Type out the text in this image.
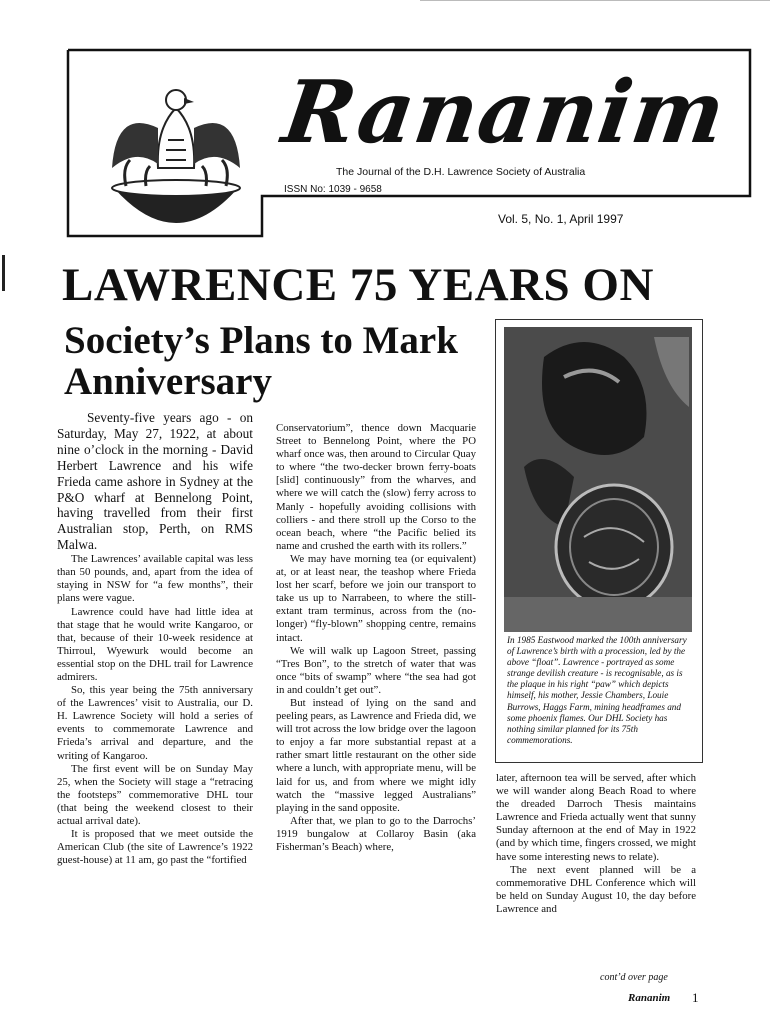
Rananim
The Journal of the D.H. Lawrence Society of Australia
ISSN No: 1039 - 9658
Vol. 5, No. 1, April 1997
LAWRENCE 75 YEARS ON
Society’s Plans to Mark Anniversary

Seventy-five years ago - on Saturday, May 27, 1922, at about nine o’clock in the morning - David Herbert Lawrence and his wife Frieda came ashore in Sydney at the P&O wharf at Bennelong Point, having travelled from their first Australian stop, Perth, on RMS Malwa.

The Lawrences’ available capital was less than 50 pounds, and, apart from the idea of staying in NSW for “a few months”, their plans were vague.

Lawrence could have had little idea at that stage that he would write Kangaroo, or that, because of their 10-week residence at Thirroul, Wyewurk would become an essential stop on the DHL trail for Lawrence admirers.

So, this year being the 75th anniversary of the Lawrences’ visit to Australia, our D. H. Lawrence Society will hold a series of events to commemorate Lawrence and Frieda’s arrival and departure, and the writing of Kangaroo.

The first event will be on Sunday May 25, when the Society will stage a “retracing the footsteps” commemorative DHL tour (that being the weekend closest to their actual arrival date).

It is proposed that we meet outside the American Club (the site of Lawrence’s 1922 guest-house) at 11 am, go past the “fortified

Conservatorium”, thence down Macquarie Street to Bennelong Point, where the PO wharf once was, then around to Circular Quay to where “the two-decker brown ferry-boats [slid] continuously” from the wharves, and where we will catch the (slow) ferry across to Manly - hopefully avoiding collisions with colliers - and there stroll up the Corso to the ocean beach, where “the Pacific belied its name and crushed the earth with its rollers.”

We may have morning tea (or equivalent) at, or at least near, the teashop where Frieda lost her scarf, before we join our transport to take us up to Narrabeen, to where the still-extant tram terminus, across from the (no-longer) “fly-blown” shopping centre, remains intact.

We will walk up Lagoon Street, passing “Tres Bon”, to the stretch of water that was once “bits of swamp” where “the sea had got in and couldn’t get out”.

But instead of lying on the sand and peeling pears, as Lawrence and Frieda did, we will trot across the low bridge over the lagoon to enjoy a far more substantial repast at a rather smart little restaurant on the other side where a lunch, with appropriate menu, will be laid for us, and from where we might idly watch the “massive legged Australians” playing in the sand opposite.

After that, we plan to go to the Darrochs’ 1919 bungalow at Collaroy Basin (aka Fisherman’s Beach) where,

In 1985 Eastwood marked the 100th anniversary of Lawrence’s birth with a procession, led by the above “float”. Lawrence - portrayed as some strange devilish creature - is recognisable, as is the plaque in his right “paw” which depicts himself, his mother, Jessie Chambers, Louie Burrows, Haggs Farm, mining headframes and some phoenix flames. Our DHL Society has nothing similar planned for its 75th commemorations.

later, afternoon tea will be served, after which we will wander along Beach Road to where the dreaded Darroch Thesis maintains Lawrence and Frieda actually went that sunny Sunday afternoon at the end of May in 1922 (and by which time, fingers crossed, we might have some interesting news to relate).

The next event planned will be a commemorative DHL Conference which will be held on Sunday August 10, the day before Lawrence and

cont’d over page
Rananim 1
